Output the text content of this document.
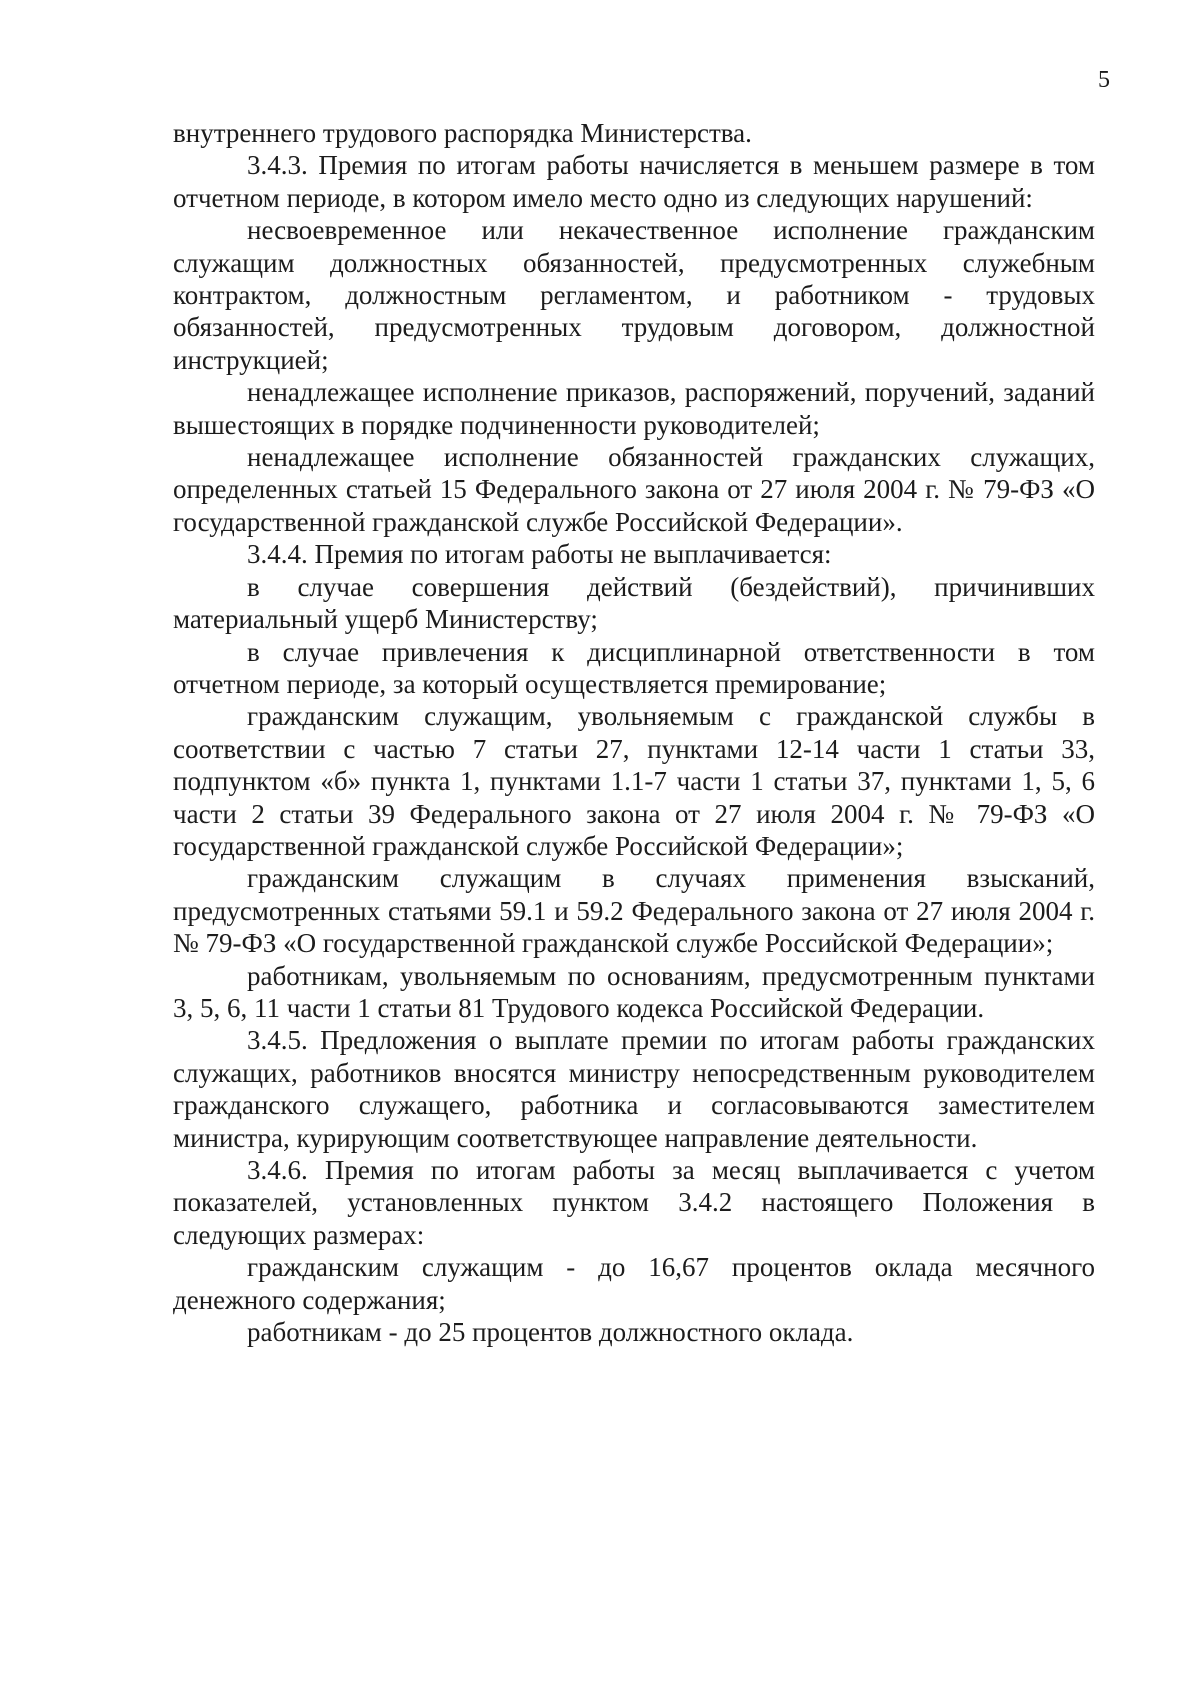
5

внутреннего трудового распорядка Министерства.

3.4.3. Премия по итогам работы начисляется в меньшем размере в том отчетном периоде, в котором имело место одно из следующих нарушений:

несвоевременное или некачественное исполнение гражданским служащим должностных обязанностей, предусмотренных служебным контрактом, должностным регламентом, и работником - трудовых обязанностей, предусмотренных трудовым договором, должностной инструкцией;

ненадлежащее исполнение приказов, распоряжений, поручений, заданий вышестоящих в порядке подчиненности руководителей;

ненадлежащее исполнение обязанностей гражданских служащих, определенных статьей 15 Федерального закона от 27 июля 2004 г. № 79-ФЗ «О государственной гражданской службе Российской Федерации».

3.4.4. Премия по итогам работы не выплачивается:

в случае совершения действий (бездействий), причинивших материальный ущерб Министерству;

в случае привлечения к дисциплинарной ответственности в том отчетном периоде, за который осуществляется премирование;

гражданским служащим, увольняемым с гражданской службы в соответствии с частью 7 статьи 27, пунктами 12-14 части 1 статьи 33, подпунктом «б» пункта 1, пунктами 1.1-7 части 1 статьи 37, пунктами 1, 5, 6 части 2 статьи 39 Федерального закона от 27 июля 2004 г. № 79-ФЗ «О государственной гражданской службе Российской Федерации»;

гражданским служащим в случаях применения взысканий, предусмотренных статьями 59.1 и 59.2 Федерального закона от 27 июля 2004 г. № 79-ФЗ «О государственной гражданской службе Российской Федерации»;

работникам, увольняемым по основаниям, предусмотренным пунктами 3, 5, 6, 11 части 1 статьи 81 Трудового кодекса Российской Федерации.

3.4.5. Предложения о выплате премии по итогам работы гражданских служащих, работников вносятся министру непосредственным руководителем гражданского служащего, работника и согласовываются заместителем министра, курирующим соответствующее направление деятельности.

3.4.6. Премия по итогам работы за месяц выплачивается с учетом показателей, установленных пунктом 3.4.2 настоящего Положения в следующих размерах:

гражданским служащим - до 16,67 процентов оклада месячного денежного содержания;

работникам - до 25 процентов должностного оклада.
